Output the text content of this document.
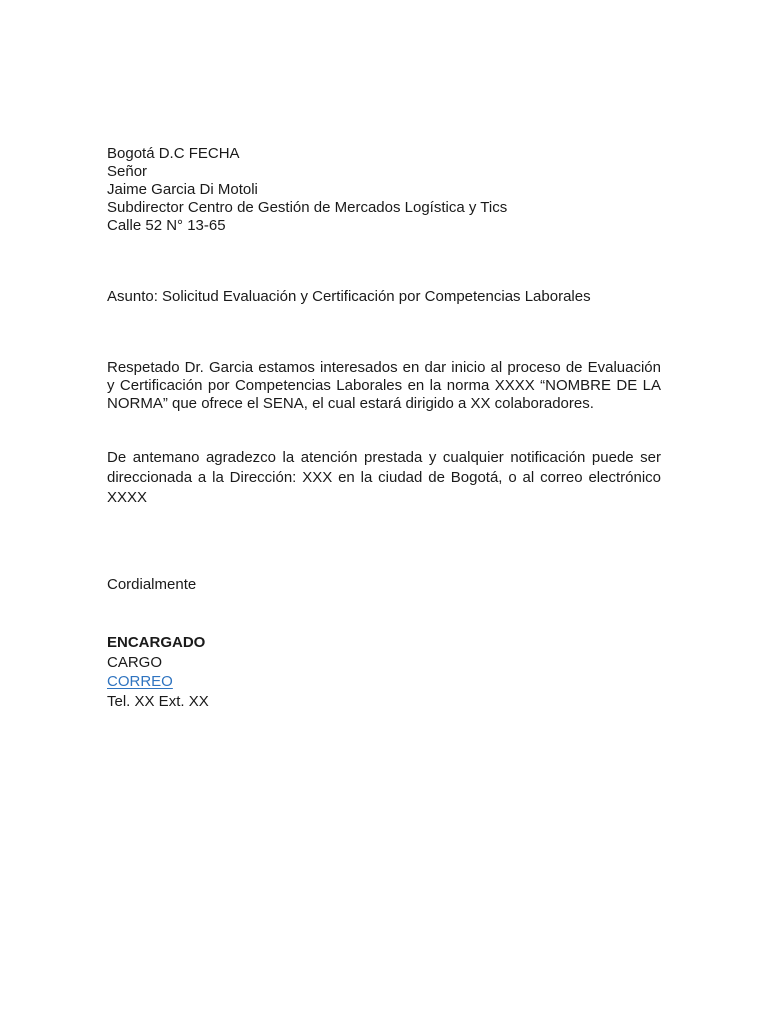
Bogotá D.C FECHA
Señor
Jaime Garcia Di Motoli
Subdirector Centro de Gestión de Mercados Logística y Tics
Calle 52 N° 13-65
Asunto: Solicitud Evaluación y Certificación por Competencias Laborales

Respetado Dr. Garcia estamos interesados en dar inicio al proceso de Evaluación y Certificación por Competencias Laborales en la norma XXXX “NOMBRE DE LA NORMA” que ofrece el SENA, el cual estará dirigido a XX colaboradores.

De antemano agradezco la atención prestada y cualquier notificación puede ser direccionada a la Dirección: XXX en la ciudad de Bogotá, o al correo electrónico XXXX

Cordialmente
ENCARGADO
CARGO
CORREO
Tel. XX Ext. XX
